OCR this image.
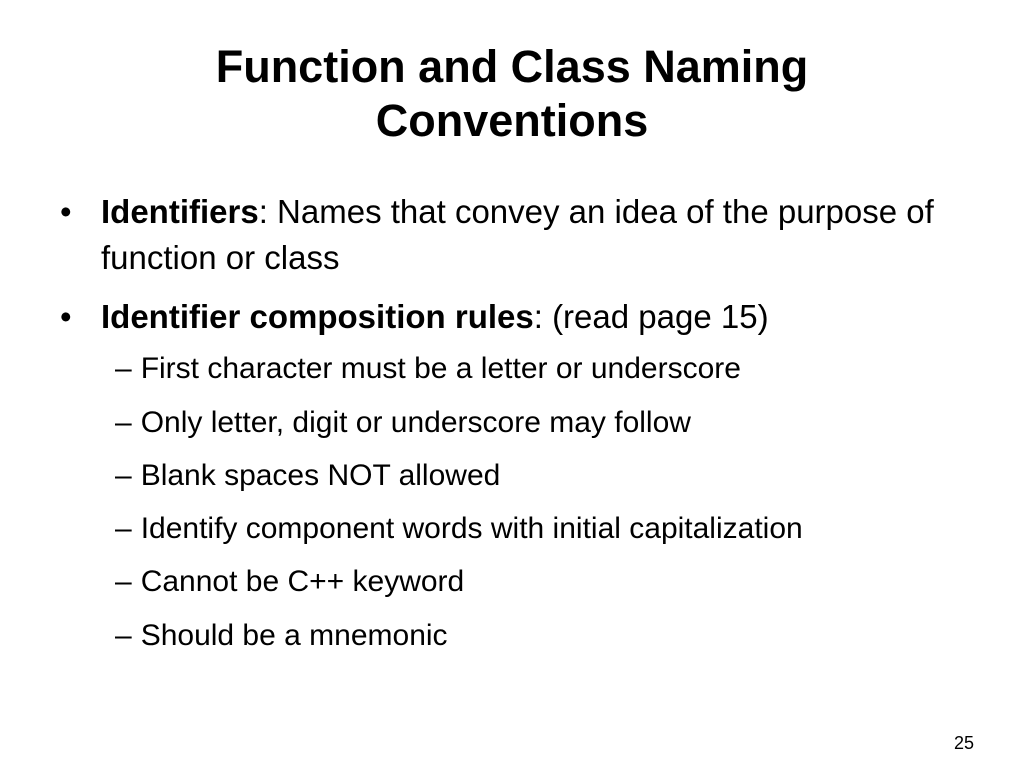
Function and Class Naming
Conventions
• Identifiers: Names that convey an idea of the purpose of function or class
• Identifier composition rules: (read page 15)
– First character must be a letter or underscore
– Only letter, digit or underscore may follow
– Blank spaces NOT allowed
– Identify component words with initial capitalization
– Cannot be C++ keyword
– Should be a mnemonic
25
